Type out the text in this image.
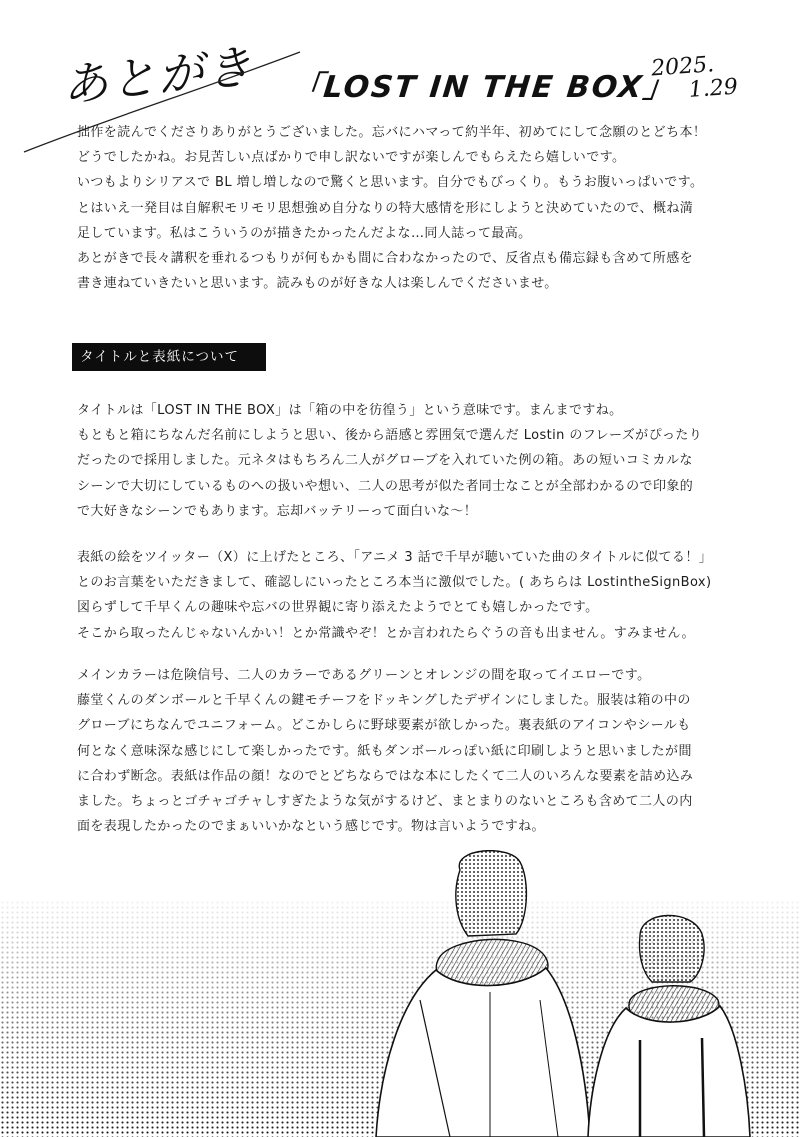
あとがき 「LOST IN THE BOX」
2025.
1.29
拙作を読んでくださりありがとうございました。忘バにハマって約半年、初めてにして念願のとどち本！
どうでしたかね。お見苦しい点ばかりで申し訳ないですが楽しんでもらえたら嬉しいです。
いつもよりシリアスで BL 増し増しなので驚くと思います。自分でもびっくり。もうお腹いっぱいです。
とはいえ一発目は自解釈モリモリ思想強め自分なりの特大感情を形にしようと決めていたので、概ね満
足しています。私はこういうのが描きたかったんだよな…同人誌って最高。
あとがきで長々講釈を垂れるつもりが何もかも間に合わなかったので、反省点も備忘録も含めて所感を
書き連ねていきたいと思います。読みものが好きな人は楽しんでくださいませ。
タイトルと表紙について
タイトルは「LOST IN THE BOX」は「箱の中を彷徨う」という意味です。まんまですね。
もともと箱にちなんだ名前にしようと思い、後から語感と雰囲気で選んだ Lostin のフレーズがぴったり
だったので採用しました。元ネタはもちろん二人がグローブを入れていた例の箱。あの短いコミカルな
シーンで大切にしているものへの扱いや想い、二人の思考が似た者同士なことが全部わかるので印象的
で大好きなシーンでもあります。忘却バッテリーって面白いな〜！
表紙の絵をツイッター（X）に上げたところ、「アニメ 3 話で千早が聴いていた曲のタイトルに似てる！」
とのお言葉をいただきまして、確認しにいったところ本当に激似でした。( あちらは LostintheSignBox)
図らずして千早くんの趣味や忘バの世界観に寄り添えたようでとても嬉しかったです。
そこから取ったんじゃないんかい！とか常識やぞ！とか言われたらぐうの音も出ません。すみません。
メインカラーは危険信号、二人のカラーであるグリーンとオレンジの間を取ってイエローです。
藤堂くんのダンボールと千早くんの鍵モチーフをドッキングしたデザインにしました。服装は箱の中の
グローブにちなんでユニフォーム。どこかしらに野球要素が欲しかった。裏表紙のアイコンやシールも
何となく意味深な感じにして楽しかったです。紙もダンボールっぽい紙に印刷しようと思いましたが間
に合わず断念。表紙は作品の顔！なのでとどちならではな本にしたくて二人のいろんな要素を詰め込み
ました。ちょっとゴチャゴチャしすぎたような気がするけど、まとまりのないところも含めて二人の内
面を表現したかったのでまぁいいかなという感じです。物は言いようですね。
